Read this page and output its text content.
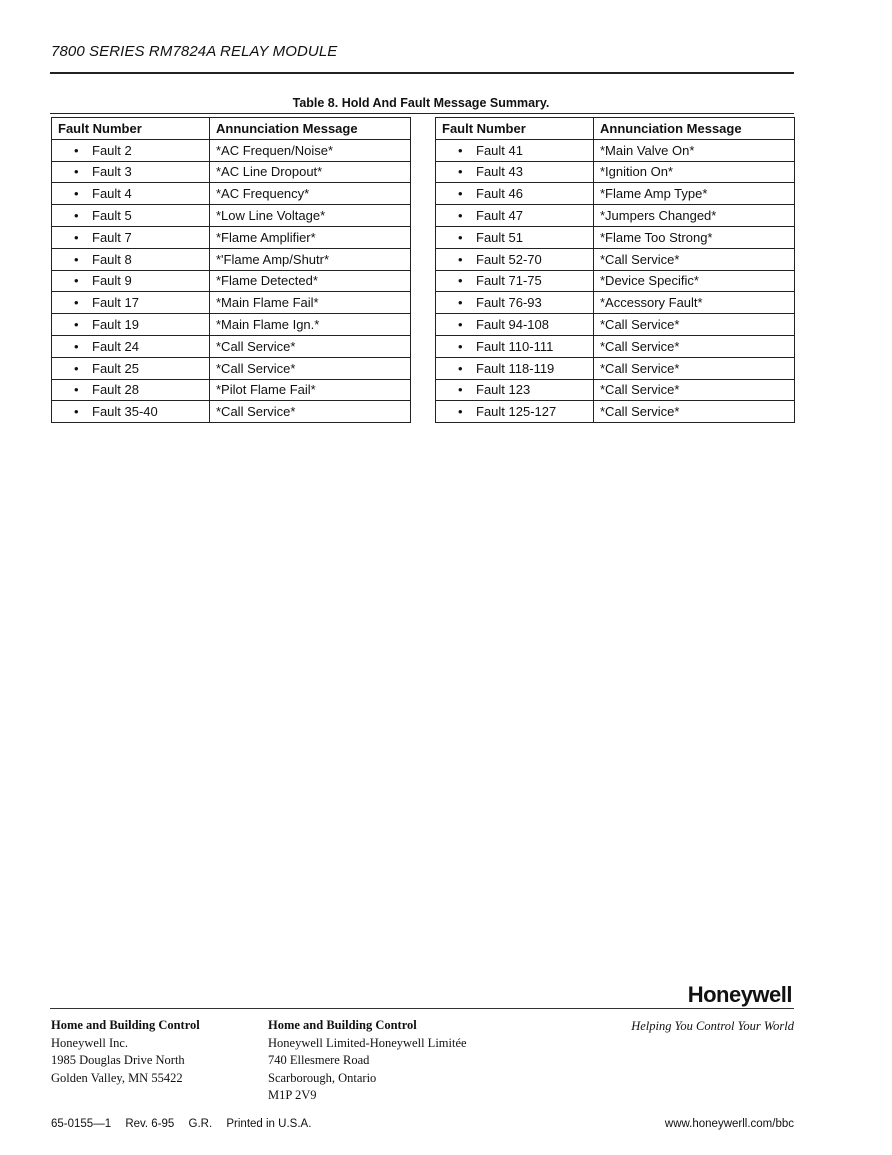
7800 SERIES RM7824A RELAY MODULE
Table 8. Hold And Fault Message Summary.
Fault Number	Annunciation Message
• Fault 2	*AC Frequen/Noise*
• Fault 3	*AC Line Dropout*
• Fault 4	*AC Frequency*
• Fault 5	*Low Line Voltage*
• Fault 7	*Flame Amplifier*
• Fault 8	*'Flame Amp/Shutr*
• Fault 9	*Flame Detected*
• Fault 17	*Main Flame Fail*
• Fault 19	*Main Flame Ign.*
• Fault 24	*Call Service*
• Fault 25	*Call Service*
• Fault 28	*Pilot Flame Fail*
• Fault 35-40	*Call Service*
Fault Number	Annunciation Message
• Fault 41	*Main Valve On*
• Fault 43	*Ignition On*
• Fault 46	*Flame Amp Type*
• Fault 47	*Jumpers Changed*
• Fault 51	*Flame Too Strong*
• Fault 52-70	*Call Service*
• Fault 71-75	*Device Specific*
• Fault 76-93	*Accessory Fault*
• Fault 94-108	*Call Service*
• Fault 110-111	*Call Service*
• Fault 118-119	*Call Service*
• Fault 123	*Call Service*
• Fault 125-127	*Call Service*
Honeywell
Home and Building Control
Honeywell Inc.
1985 Douglas Drive North
Golden Valley, MN 55422
Home and Building Control
Honeywell Limited-Honeywell Limitée
740 Ellesmere Road
Scarborough, Ontario
M1P 2V9
Helping You Control Your World
65-0155—1 Rev. 6-95 G.R. Printed in U.S.A.	www.honeywerll.com/bbc
